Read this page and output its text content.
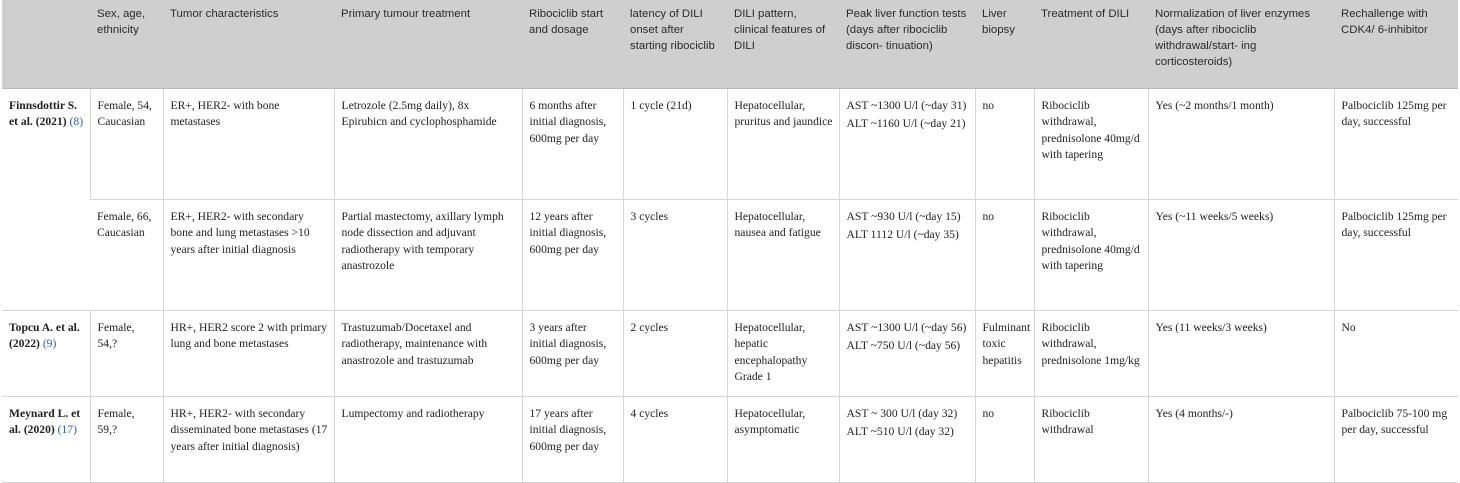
	Sex, age, ethnicity	Tumor characteristics	Primary tumour treatment	Ribociclib start and dosage	latency of DILI onset after starting ribociclib	DILI pattern, clinical features of DILI	Peak liver function tests (days after ribociclib discon- tinuation)	Liver biopsy	Treatment of DILI	Normalization of liver enzymes (days after ribociclib withdrawal/start- ing corticosteroids)	Rechallenge with CDK4/ 6-inhibitor
Finnsdottir S. et al. (2021) (8)	Female, 54, Caucasian	ER+, HER2- with bone metastases	Letrozole (2.5mg daily), 8x Epirubicn and cyclophosphamide	6 months after initial diagnosis, 600mg per day	1 cycle (21d)	Hepatocellular, pruritus and jaundice	AST ~1300 U/l (~day 31)
ALT ~1160 U/l (~day 21)	no	Ribociclib withdrawal, prednisolone 40mg/d with tapering	Yes (~2 months/1 month)	Palbociclib 125mg per day, successful
	Female, 66, Caucasian	ER+, HER2- with secondary bone and lung metastases >10 years after initial diagnosis	Partial mastectomy, axillary lymph node dissection and adjuvant radiotherapy with temporary anastrozole	12 years after initial diagnosis, 600mg per day	3 cycles	Hepatocellular, nausea and fatigue	AST ~930 U/l (~day 15)
ALT 1112 U/l (~day 35)	no	Ribociclib withdrawal, prednisolone 40mg/d with tapering	Yes (~11 weeks/5 weeks)	Palbociclib 125mg per day, successful
Topcu A. et al. (2022) (9)	Female, 54,?	HR+, HER2 score 2 with primary lung and bone metastases	Trastuzumab/Docetaxel and radiotherapy, maintenance with anastrozole and trastuzumab	3 years after initial diagnosis, 600mg per day	2 cycles	Hepatocellular, hepatic encephalopathy Grade 1	AST ~1300 U/l (~day 56)
ALT ~750 U/l (~day 56)	Fulminant toxic hepatitis	Ribociclib withdrawal, prednisolone 1mg/kg	Yes (11 weeks/3 weeks)	No
Meynard L. et al. (2020) (17)	Female, 59,?	HR+, HER2- with secondary disseminated bone metastases (17 years after initial diagnosis)	Lumpectomy and radiotherapy	17 years after initial diagnosis, 600mg per day	4 cycles	Hepatocellular, asymptomatic	AST ~ 300 U/l (day 32)
ALT ~510 U/l (day 32)	no	Ribociclib withdrawal	Yes (4 months/-)	Palbociclib 75-100 mg per day, successful
